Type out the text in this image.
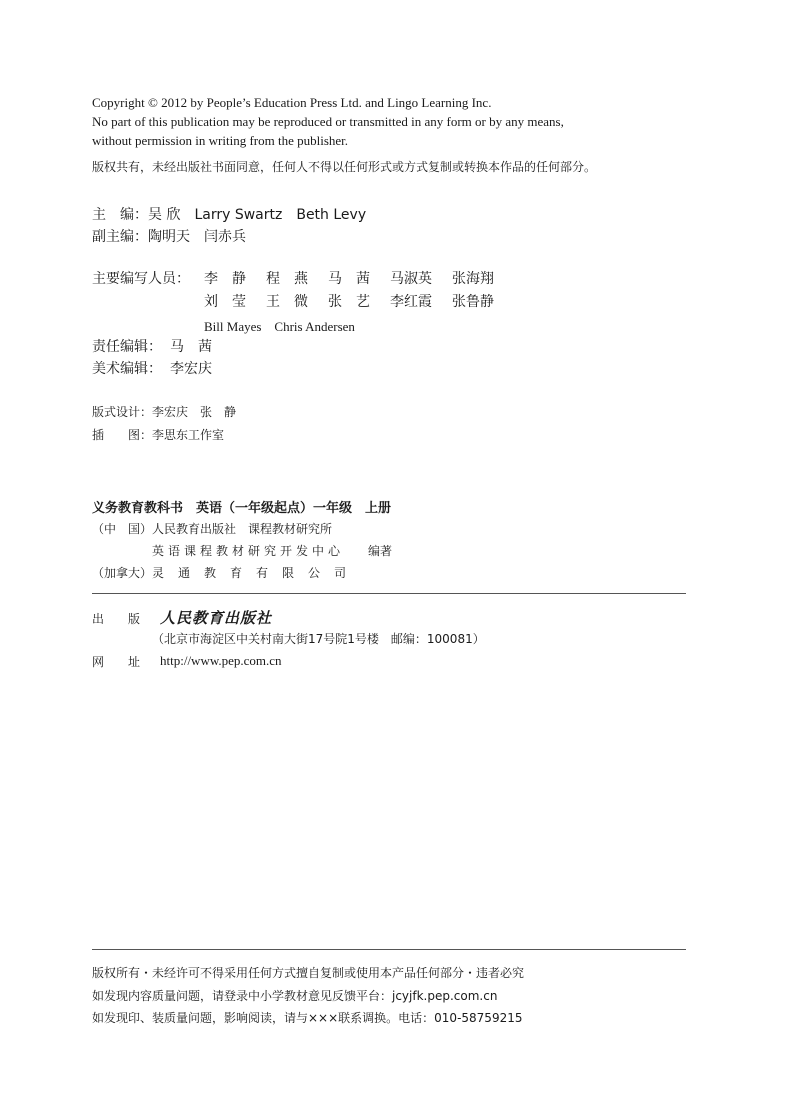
Copyright © 2012 by People’s Education Press Ltd. and Lingo Learning Inc.
No part of this publication may be reproduced or transmitted in any form or by any means,
without permission in writing from the publisher.
版权共有，未经出版社书面同意，任何人不得以任何形式或方式复制或转换本作品的任何部分。
主　编： 吴 欣　Larry Swartz　Beth Levy
副主编： 陶明天　闫赤兵
主要编写人员： 李　静 程　燕 马　茜 马淑英 张海翔
刘　莹 王　微 张　艺 李红霞 张鲁静
Bill Mayes　Chris Andersen
责任编辑： 马　茜
美术编辑： 李宏庆
版式设计： 李宏庆　张　静
插　　图： 李思东工作室
义务教育教科书　英语（一年级起点）一年级　上册
（中　国） 人民教育出版社　课程教材研究所
英语课程教材研究开发中心 编著
（加拿大） 灵通教育有限公司
出　　版 人民教育出版社
（北京市海淀区中关村南大街17号院1号楼　邮编：100081）
网　　址 http://www.pep.com.cn
版权所有・未经许可不得采用任何方式擅自复制或使用本产品任何部分・违者必究
如发现内容质量问题，请登录中小学教材意见反馈平台：jcyjfk.pep.com.cn
如发现印、装质量问题，影响阅读，请与×××联系调换。电话：010-58759215
